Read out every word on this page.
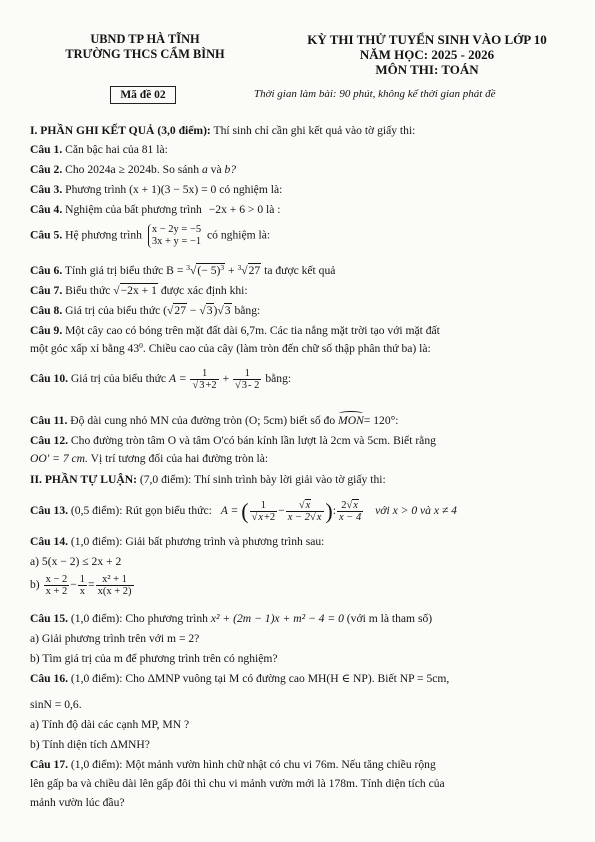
UBND TP HÀ TĨNH
TRƯỜNG THCS CẨM BÌNH
KỲ THI THỬ TUYỂN SINH VÀO LỚP 10
NĂM HỌC: 2025 - 2026
MÔN THI: TOÁN
Mã đề 02	Thời gian làm bài: 90 phút, không kể thời gian phát đề
I. PHẦN GHI KẾT QUẢ (3,0 điểm): Thí sinh chỉ cần ghi kết quả vào tờ giấy thi:
Câu 1. Căn bậc hai của 81 là:
Câu 2. Cho 2024a ≥ 2024b. So sánh a và b?
Câu 3. Phương trình (x + 1)(3 − 5x) = 0 có nghiệm là:
Câu 4. Nghiệm của bất phương trình −2x + 6 > 0 là :
Câu 5. Hệ phương trình x − 2y = −5
3x + y = −1 có nghiệm là:
Câu 6. Tính giá trị biểu thức $B = ^3√(- 5)^3 + ^3√27$ ta được kết quả
Câu 7. Biểu thức √−2x + 1 được xác định khi:
Câu 8. Giá trị của biểu thức (√27 − √3)√3 bằng:
Câu 9. Một cây cao có bóng trên mặt đất dài 6,7m. Các tia nắng mặt trời tạo với mặt đất
một góc xấp xỉ bằng $43^0$. Chiều cao của cây (làm tròn đến chữ số thập phân thứ ba) là:
Câu 10. Giá trị của biểu thức $A = \frac{1}{√3+2} + \frac{1}{√3- 2}$ bằng:
Câu 11. Độ dài cung nhỏ MN của đường tròn (O; 5cm) biết số đo MON= 120°:
Câu 12. Cho đường tròn tâm O và tâm O'có bán kính lần lượt là 2cm và 5cm. Biết rằng
OO' = 7 cm. Vị trí tương đối của hai đường tròn là:
II. PHẦN TỰ LUẬN: (7,0 điểm): Thí sinh trình bày lời giải vào tờ giấy thi:
Câu 13. (0,5 điểm): Rút gọn biểu thức: A = ( $\frac{1}{√x+2} - \frac{√x}{x - 2√x}$ ): $\frac{2√x}{x - 4}$ với x > 0 và x ≠ 4
Câu 14. (1,0 điểm): Giải bất phương trình và phương trình sau:
a) 5(x − 2) ≤ 2x + 2
$b) \frac{x - 2}{x + 2} - \frac{1}{x} = \frac{\text{x² + 1}}{x(x + 2)}$
Câu 15. (1,0 điểm): Cho phương trình x² + (2m − 1)x + m² − 4 = 0 (với m là tham số)
a) Giải phương trình trên với m = 2?
b) Tìm giá trị của m để phương trình trên có nghiệm?
Câu 16. (1,0 điểm): Cho ΔMNP vuông tại M có đường cao MH(H ∈ NP). Biết NP = 5cm,
sinN = 0,6.
a) Tính độ dài các cạnh MP, MN ?
b) Tính diện tích ΔMNH?
Câu 17. (1,0 điểm): Một mảnh vườn hình chữ nhật có chu vi 76m. Nếu tăng chiều rộng
lên gấp ba và chiều dài lên gấp đôi thì chu vi mảnh vườn mới là 178m. Tính diện tích của
mảnh vườn lúc đầu?
